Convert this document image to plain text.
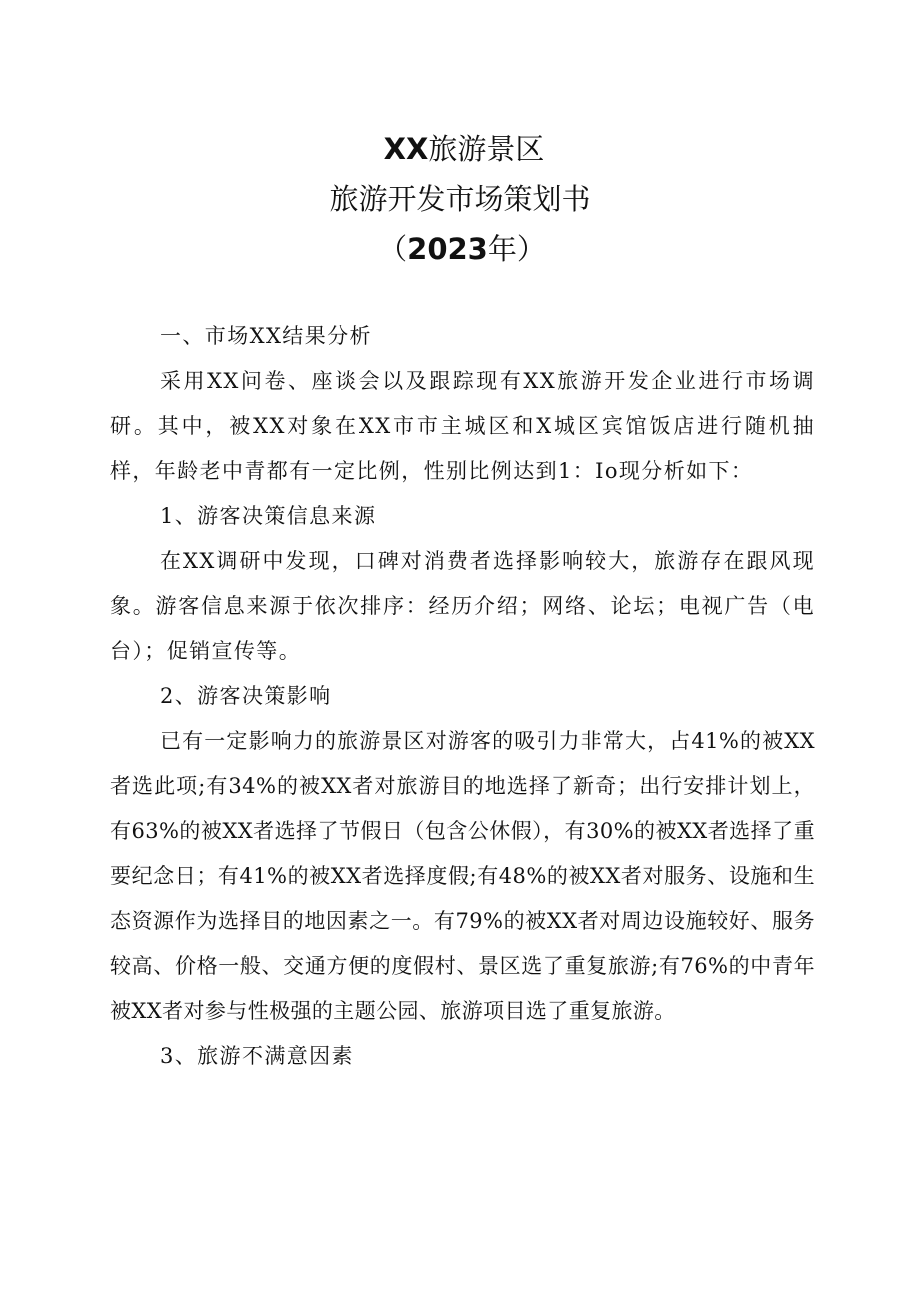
XX旅游景区
旅游开发市场策划书
（2023年）

一、市场XX结果分析

采用XX问卷、座谈会以及跟踪现有XX旅游开发企业进行市场调研。其中，被XX对象在XX市市主城区和X城区宾馆饭店进行随机抽样，年龄老中青都有一定比例，性别比例达到1：Io现分析如下：

1、游客决策信息来源

在XX调研中发现，口碑对消费者选择影响较大，旅游存在跟风现象。游客信息来源于依次排序：经历介绍；网络、论坛；电视广告（电台）；促销宣传等。

2、游客决策影响

已有一定影响力的旅游景区对游客的吸引力非常大，占41%的被XX者选此项;有34%的被XX者对旅游目的地选择了新奇；出行安排计划上，有63%的被XX者选择了节假日（包含公休假），有30%的被XX者选择了重要纪念日；有41%的被XX者选择度假;有48%的被XX者对服务、设施和生态资源作为选择目的地因素之一。有79%的被XX者对周边设施较好、服务较高、价格一般、交通方便的度假村、景区选了重复旅游;有76%的中青年被XX者对参与性极强的主题公园、旅游项目选了重复旅游。

3、旅游不满意因素
